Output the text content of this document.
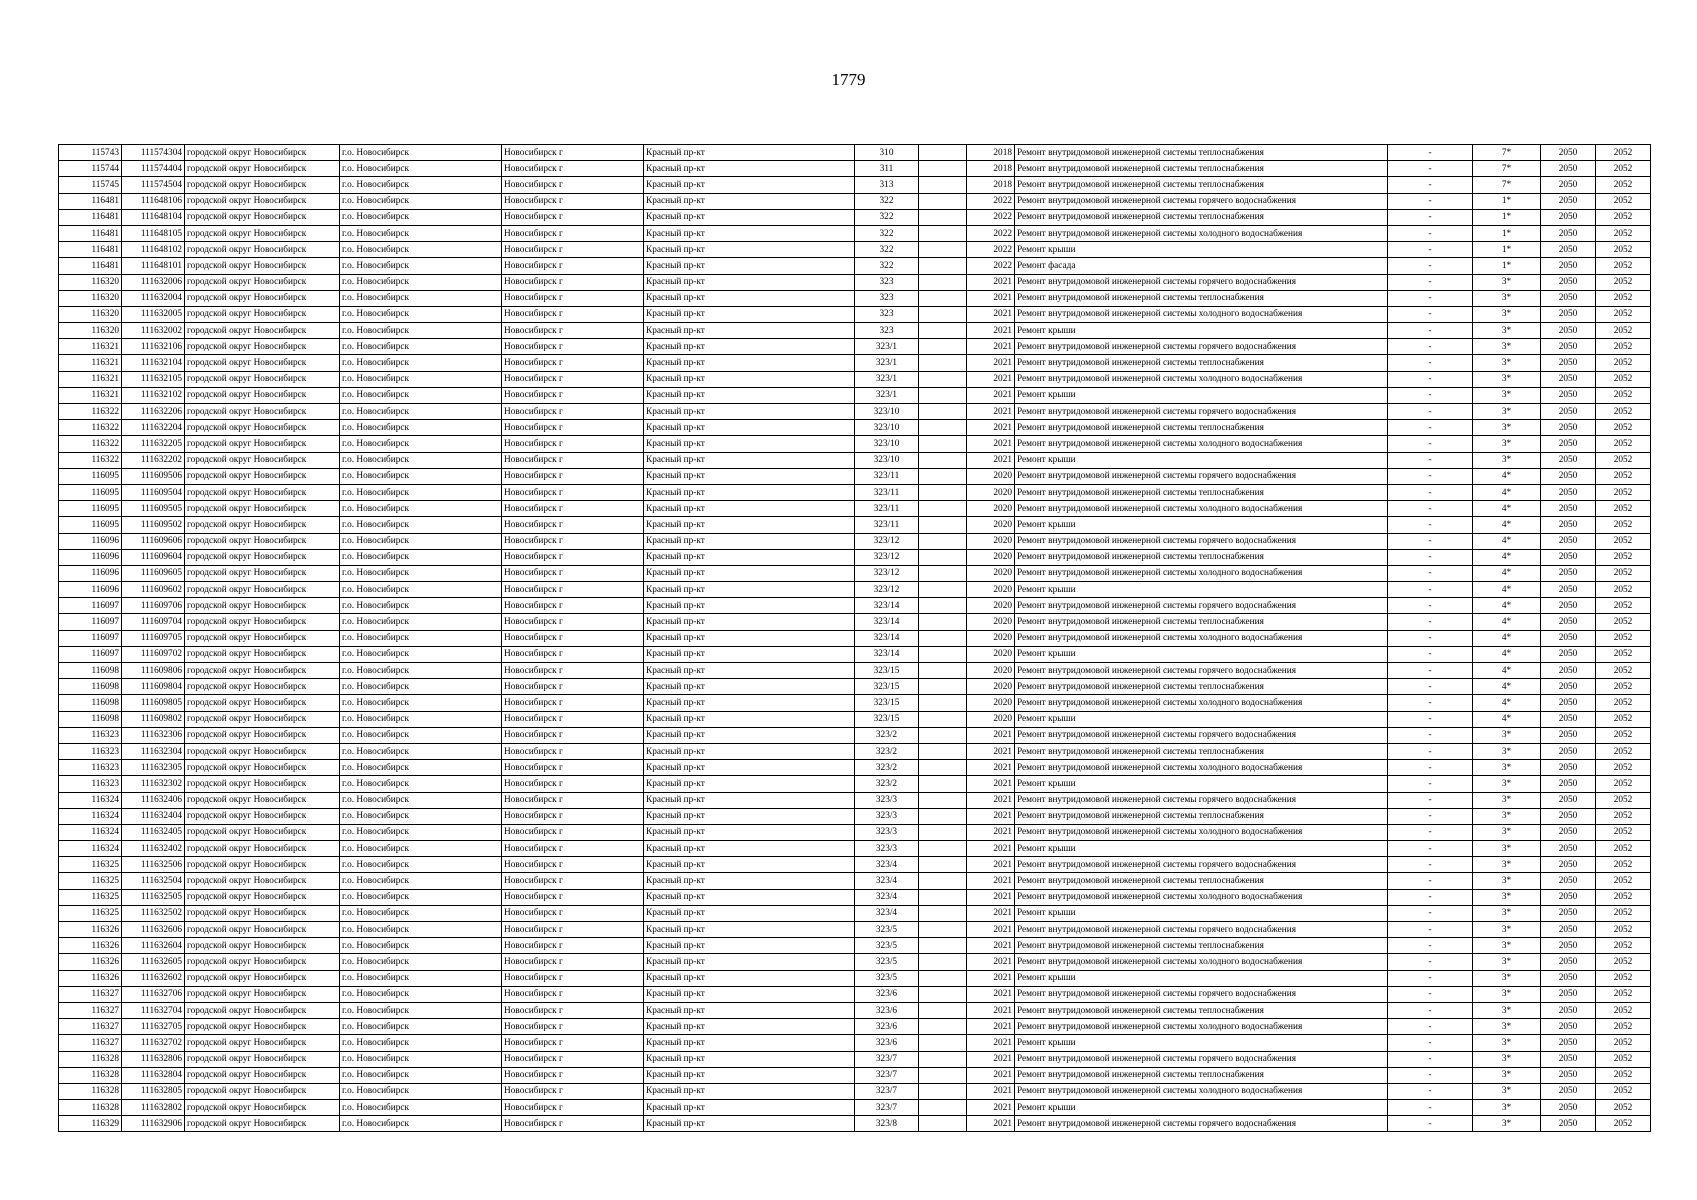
1779
115743	111574304	городской округ Новосибирск	г.о. Новосибирск	Новосибирск г	Красный пр-кт	310		2018	Ремонт внутридомовой инженерной системы теплоснабжения	-	7*	2050	2052
115744	111574404	городской округ Новосибирск	г.о. Новосибирск	Новосибирск г	Красный пр-кт	311		2018	Ремонт внутридомовой инженерной системы теплоснабжения	-	7*	2050	2052
115745	111574504	городской округ Новосибирск	г.о. Новосибирск	Новосибирск г	Красный пр-кт	313		2018	Ремонт внутридомовой инженерной системы теплоснабжения	-	7*	2050	2052
116481	111648106	городской округ Новосибирск	г.о. Новосибирск	Новосибирск г	Красный пр-кт	322		2022	Ремонт внутридомовой инженерной системы горячего водоснабжения	-	1*	2050	2052
116481	111648104	городской округ Новосибирск	г.о. Новосибирск	Новосибирск г	Красный пр-кт	322		2022	Ремонт внутридомовой инженерной системы теплоснабжения	-	1*	2050	2052
116481	111648105	городской округ Новосибирск	г.о. Новосибирск	Новосибирск г	Красный пр-кт	322		2022	Ремонт внутридомовой инженерной системы холодного водоснабжения	-	1*	2050	2052
116481	111648102	городской округ Новосибирск	г.о. Новосибирск	Новосибирск г	Красный пр-кт	322		2022	Ремонт крыши	-	1*	2050	2052
116481	111648101	городской округ Новосибирск	г.о. Новосибирск	Новосибирск г	Красный пр-кт	322		2022	Ремонт фасада	-	1*	2050	2052
116320	111632006	городской округ Новосибирск	г.о. Новосибирск	Новосибирск г	Красный пр-кт	323		2021	Ремонт внутридомовой инженерной системы горячего водоснабжения	-	3*	2050	2052
116320	111632004	городской округ Новосибирск	г.о. Новосибирск	Новосибирск г	Красный пр-кт	323		2021	Ремонт внутридомовой инженерной системы теплоснабжения	-	3*	2050	2052
116320	111632005	городской округ Новосибирск	г.о. Новосибирск	Новосибирск г	Красный пр-кт	323		2021	Ремонт внутридомовой инженерной системы холодного водоснабжения	-	3*	2050	2052
116320	111632002	городской округ Новосибирск	г.о. Новосибирск	Новосибирск г	Красный пр-кт	323		2021	Ремонт крыши	-	3*	2050	2052
116321	111632106	городской округ Новосибирск	г.о. Новосибирск	Новосибирск г	Красный пр-кт	323/1		2021	Ремонт внутридомовой инженерной системы горячего водоснабжения	-	3*	2050	2052
116321	111632104	городской округ Новосибирск	г.о. Новосибирск	Новосибирск г	Красный пр-кт	323/1		2021	Ремонт внутридомовой инженерной системы теплоснабжения	-	3*	2050	2052
116321	111632105	городской округ Новосибирск	г.о. Новосибирск	Новосибирск г	Красный пр-кт	323/1		2021	Ремонт внутридомовой инженерной системы холодного водоснабжения	-	3*	2050	2052
116321	111632102	городской округ Новосибирск	г.о. Новосибирск	Новосибирск г	Красный пр-кт	323/1		2021	Ремонт крыши	-	3*	2050	2052
116322	111632206	городской округ Новосибирск	г.о. Новосибирск	Новосибирск г	Красный пр-кт	323/10		2021	Ремонт внутридомовой инженерной системы горячего водоснабжения	-	3*	2050	2052
116322	111632204	городской округ Новосибирск	г.о. Новосибирск	Новосибирск г	Красный пр-кт	323/10		2021	Ремонт внутридомовой инженерной системы теплоснабжения	-	3*	2050	2052
116322	111632205	городской округ Новосибирск	г.о. Новосибирск	Новосибирск г	Красный пр-кт	323/10		2021	Ремонт внутридомовой инженерной системы холодного водоснабжения	-	3*	2050	2052
116322	111632202	городской округ Новосибирск	г.о. Новосибирск	Новосибирск г	Красный пр-кт	323/10		2021	Ремонт крыши	-	3*	2050	2052
116095	111609506	городской округ Новосибирск	г.о. Новосибирск	Новосибирск г	Красный пр-кт	323/11		2020	Ремонт внутридомовой инженерной системы горячего водоснабжения	-	4*	2050	2052
116095	111609504	городской округ Новосибирск	г.о. Новосибирск	Новосибирск г	Красный пр-кт	323/11		2020	Ремонт внутридомовой инженерной системы теплоснабжения	-	4*	2050	2052
116095	111609505	городской округ Новосибирск	г.о. Новосибирск	Новосибирск г	Красный пр-кт	323/11		2020	Ремонт внутридомовой инженерной системы холодного водоснабжения	-	4*	2050	2052
116095	111609502	городской округ Новосибирск	г.о. Новосибирск	Новосибирск г	Красный пр-кт	323/11		2020	Ремонт крыши	-	4*	2050	2052
116096	111609606	городской округ Новосибирск	г.о. Новосибирск	Новосибирск г	Красный пр-кт	323/12		2020	Ремонт внутридомовой инженерной системы горячего водоснабжения	-	4*	2050	2052
116096	111609604	городской округ Новосибирск	г.о. Новосибирск	Новосибирск г	Красный пр-кт	323/12		2020	Ремонт внутридомовой инженерной системы теплоснабжения	-	4*	2050	2052
116096	111609605	городской округ Новосибирск	г.о. Новосибирск	Новосибирск г	Красный пр-кт	323/12		2020	Ремонт внутридомовой инженерной системы холодного водоснабжения	-	4*	2050	2052
116096	111609602	городской округ Новосибирск	г.о. Новосибирск	Новосибирск г	Красный пр-кт	323/12		2020	Ремонт крыши	-	4*	2050	2052
116097	111609706	городской округ Новосибирск	г.о. Новосибирск	Новосибирск г	Красный пр-кт	323/14		2020	Ремонт внутридомовой инженерной системы горячего водоснабжения	-	4*	2050	2052
116097	111609704	городской округ Новосибирск	г.о. Новосибирск	Новосибирск г	Красный пр-кт	323/14		2020	Ремонт внутридомовой инженерной системы теплоснабжения	-	4*	2050	2052
116097	111609705	городской округ Новосибирск	г.о. Новосибирск	Новосибирск г	Красный пр-кт	323/14		2020	Ремонт внутридомовой инженерной системы холодного водоснабжения	-	4*	2050	2052
116097	111609702	городской округ Новосибирск	г.о. Новосибирск	Новосибирск г	Красный пр-кт	323/14		2020	Ремонт крыши	-	4*	2050	2052
116098	111609806	городской округ Новосибирск	г.о. Новосибирск	Новосибирск г	Красный пр-кт	323/15		2020	Ремонт внутридомовой инженерной системы горячего водоснабжения	-	4*	2050	2052
116098	111609804	городской округ Новосибирск	г.о. Новосибирск	Новосибирск г	Красный пр-кт	323/15		2020	Ремонт внутридомовой инженерной системы теплоснабжения	-	4*	2050	2052
116098	111609805	городской округ Новосибирск	г.о. Новосибирск	Новосибирск г	Красный пр-кт	323/15		2020	Ремонт внутридомовой инженерной системы холодного водоснабжения	-	4*	2050	2052
116098	111609802	городской округ Новосибирск	г.о. Новосибирск	Новосибирск г	Красный пр-кт	323/15		2020	Ремонт крыши	-	4*	2050	2052
116323	111632306	городской округ Новосибирск	г.о. Новосибирск	Новосибирск г	Красный пр-кт	323/2		2021	Ремонт внутридомовой инженерной системы горячего водоснабжения	-	3*	2050	2052
116323	111632304	городской округ Новосибирск	г.о. Новосибирск	Новосибирск г	Красный пр-кт	323/2		2021	Ремонт внутридомовой инженерной системы теплоснабжения	-	3*	2050	2052
116323	111632305	городской округ Новосибирск	г.о. Новосибирск	Новосибирск г	Красный пр-кт	323/2		2021	Ремонт внутридомовой инженерной системы холодного водоснабжения	-	3*	2050	2052
116323	111632302	городской округ Новосибирск	г.о. Новосибирск	Новосибирск г	Красный пр-кт	323/2		2021	Ремонт крыши	-	3*	2050	2052
116324	111632406	городской округ Новосибирск	г.о. Новосибирск	Новосибирск г	Красный пр-кт	323/3		2021	Ремонт внутридомовой инженерной системы горячего водоснабжения	-	3*	2050	2052
116324	111632404	городской округ Новосибирск	г.о. Новосибирск	Новосибирск г	Красный пр-кт	323/3		2021	Ремонт внутридомовой инженерной системы теплоснабжения	-	3*	2050	2052
116324	111632405	городской округ Новосибирск	г.о. Новосибирск	Новосибирск г	Красный пр-кт	323/3		2021	Ремонт внутридомовой инженерной системы холодного водоснабжения	-	3*	2050	2052
116324	111632402	городской округ Новосибирск	г.о. Новосибирск	Новосибирск г	Красный пр-кт	323/3		2021	Ремонт крыши	-	3*	2050	2052
116325	111632506	городской округ Новосибирск	г.о. Новосибирск	Новосибирск г	Красный пр-кт	323/4		2021	Ремонт внутридомовой инженерной системы горячего водоснабжения	-	3*	2050	2052
116325	111632504	городской округ Новосибирск	г.о. Новосибирск	Новосибирск г	Красный пр-кт	323/4		2021	Ремонт внутридомовой инженерной системы теплоснабжения	-	3*	2050	2052
116325	111632505	городской округ Новосибирск	г.о. Новосибирск	Новосибирск г	Красный пр-кт	323/4		2021	Ремонт внутридомовой инженерной системы холодного водоснабжения	-	3*	2050	2052
116325	111632502	городской округ Новосибирск	г.о. Новосибирск	Новосибирск г	Красный пр-кт	323/4		2021	Ремонт крыши	-	3*	2050	2052
116326	111632606	городской округ Новосибирск	г.о. Новосибирск	Новосибирск г	Красный пр-кт	323/5		2021	Ремонт внутридомовой инженерной системы горячего водоснабжения	-	3*	2050	2052
116326	111632604	городской округ Новосибирск	г.о. Новосибирск	Новосибирск г	Красный пр-кт	323/5		2021	Ремонт внутридомовой инженерной системы теплоснабжения	-	3*	2050	2052
116326	111632605	городской округ Новосибирск	г.о. Новосибирск	Новосибирск г	Красный пр-кт	323/5		2021	Ремонт внутридомовой инженерной системы холодного водоснабжения	-	3*	2050	2052
116326	111632602	городской округ Новосибирск	г.о. Новосибирск	Новосибирск г	Красный пр-кт	323/5		2021	Ремонт крыши	-	3*	2050	2052
116327	111632706	городской округ Новосибирск	г.о. Новосибирск	Новосибирск г	Красный пр-кт	323/6		2021	Ремонт внутридомовой инженерной системы горячего водоснабжения	-	3*	2050	2052
116327	111632704	городской округ Новосибирск	г.о. Новосибирск	Новосибирск г	Красный пр-кт	323/6		2021	Ремонт внутридомовой инженерной системы теплоснабжения	-	3*	2050	2052
116327	111632705	городской округ Новосибирск	г.о. Новосибирск	Новосибирск г	Красный пр-кт	323/6		2021	Ремонт внутридомовой инженерной системы холодного водоснабжения	-	3*	2050	2052
116327	111632702	городской округ Новосибирск	г.о. Новосибирск	Новосибирск г	Красный пр-кт	323/6		2021	Ремонт крыши	-	3*	2050	2052
116328	111632806	городской округ Новосибирск	г.о. Новосибирск	Новосибирск г	Красный пр-кт	323/7		2021	Ремонт внутридомовой инженерной системы горячего водоснабжения	-	3*	2050	2052
116328	111632804	городской округ Новосибирск	г.о. Новосибирск	Новосибирск г	Красный пр-кт	323/7		2021	Ремонт внутридомовой инженерной системы теплоснабжения	-	3*	2050	2052
116328	111632805	городской округ Новосибирск	г.о. Новосибирск	Новосибирск г	Красный пр-кт	323/7		2021	Ремонт внутридомовой инженерной системы холодного водоснабжения	-	3*	2050	2052
116328	111632802	городской округ Новосибирск	г.о. Новосибирск	Новосибирск г	Красный пр-кт	323/7		2021	Ремонт крыши	-	3*	2050	2052
116329	111632906	городской округ Новосибирск	г.о. Новосибирск	Новосибирск г	Красный пр-кт	323/8		2021	Ремонт внутридомовой инженерной системы горячего водоснабжения	-	3*	2050	2052
